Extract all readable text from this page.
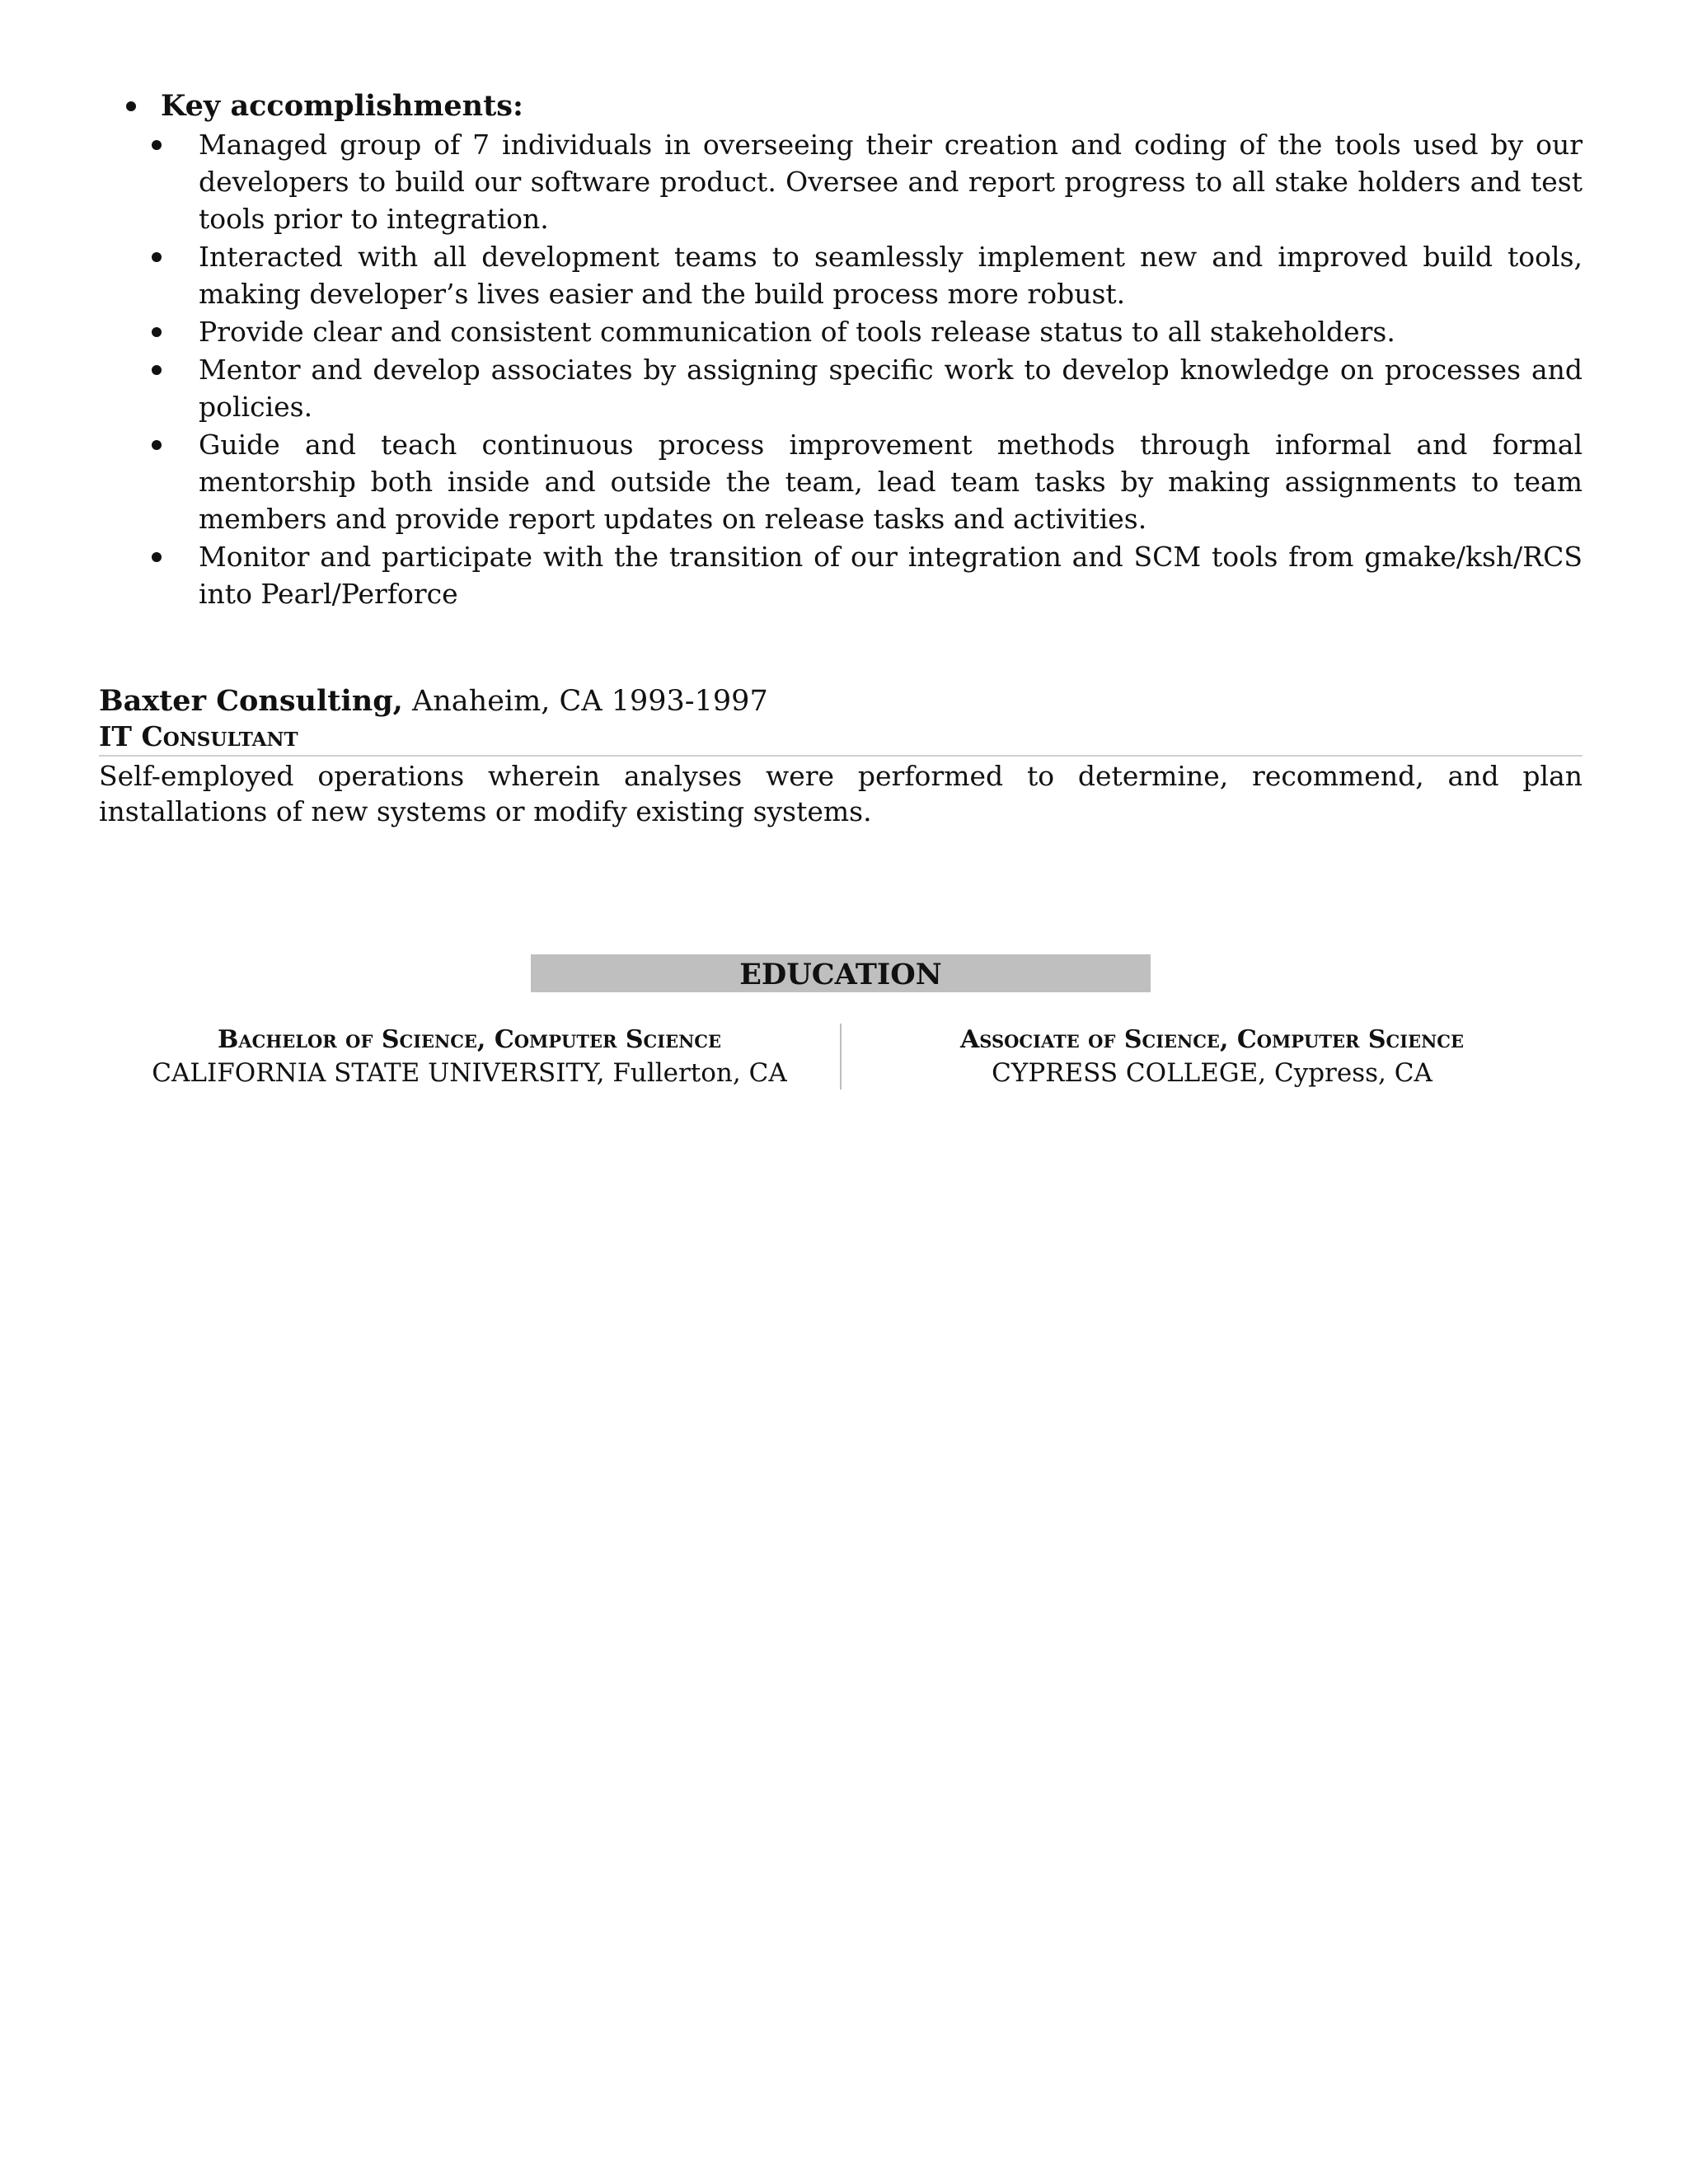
Key accomplishments:
Managed group of 7 individuals in overseeing their creation and coding of the tools used by our developers to build our software product. Oversee and report progress to all stake holders and test tools prior to integration.
Interacted with all development teams to seamlessly implement new and improved build tools, making developer’s lives easier and the build process more robust.
Provide clear and consistent communication of tools release status to all stakeholders.
Mentor and develop associates by assigning specific work to develop knowledge on processes and policies.
Guide and teach continuous process improvement methods through informal and formal mentorship both inside and outside the team, lead team tasks by making assignments to team members and provide report updates on release tasks and activities.
Monitor and participate with the transition of our integration and SCM tools from gmake/ksh/RCS into Pearl/Perforce
Baxter Consulting, Anaheim, CA 1993-1997
IT Consultant
Self-employed operations wherein analyses were performed to determine, recommend, and plan installations of new systems or modify existing systems.
EDUCATION
Bachelor of Science, Computer Science
CALIFORNIA STATE UNIVERSITY, Fullerton, CA
Associate of Science, Computer Science
CYPRESS COLLEGE, Cypress, CA
